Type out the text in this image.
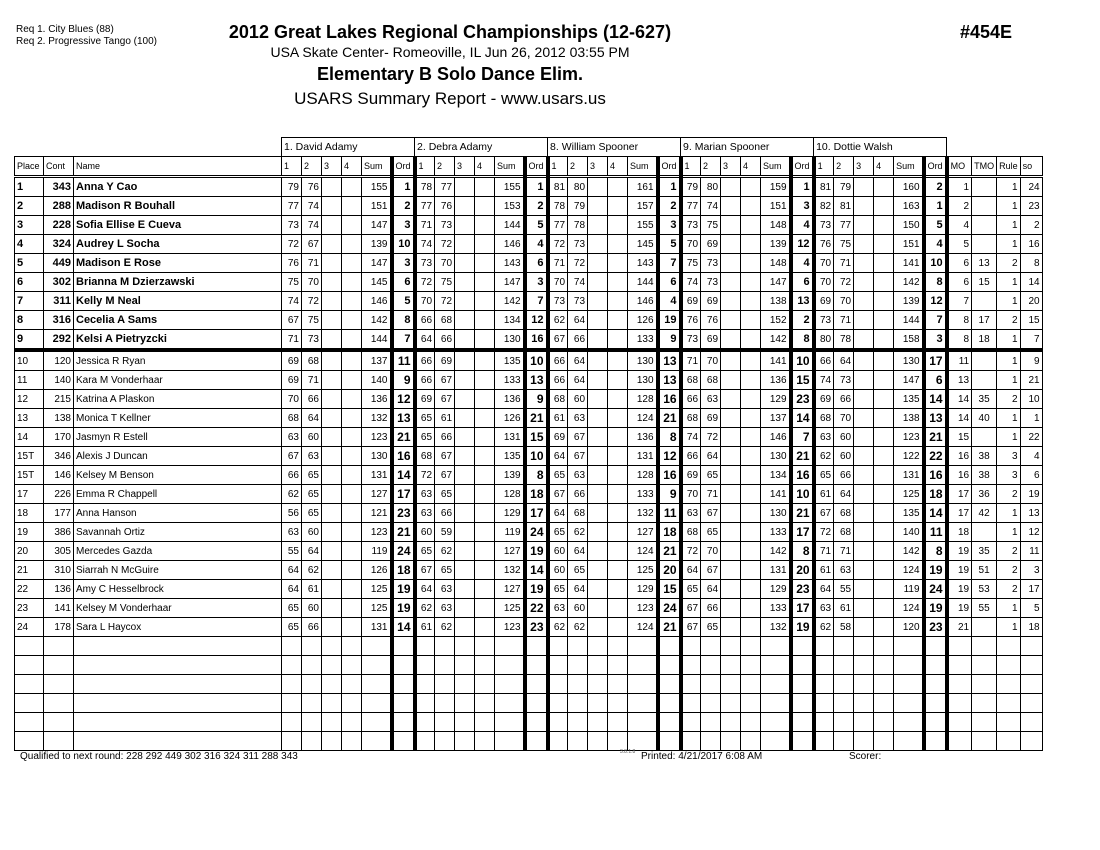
Req 1. City Blues (88)
Req 2. Progressive Tango (100)	2012 Great Lakes Regional Championships (12-627)
USA Skate Center- Romeoville, IL Jun 26, 2012 03:55 PM
Elementary B Solo Dance Elim.
USARS Summary Report - www.usars.us
#454E
			1. David Adamy						2. Debra Adamy						8. William Spooner						9. Marian Spooner						10. Dottie Walsh									
Place	Cont	Name	1	2	3	4	Sum	Ord	1	2	3	4	Sum	Ord	1	2	3	4	Sum	Ord	1	2	3	4	Sum	Ord	1	2	3	4	Sum	Ord	MO	TMO	Rule	so
1	343	Anna Y Cao	79	76			155	1	78	77			155	1	81	80			161	1	79	80			159	1	81	79			160	2	1		1	24
2	288	Madison R Bouhall	77	74			151	2	77	76			153	2	78	79			157	2	77	74			151	3	82	81			163	1	2		1	23
3	228	Sofia Ellise E Cueva	73	74			147	3	71	73			144	5	77	78			155	3	73	75			148	4	73	77			150	5	4		1	2
4	324	Audrey L Socha	72	67			139	10	74	72			146	4	72	73			145	5	70	69			139	12	76	75			151	4	5		1	16
5	449	Madison E Rose	76	71			147	3	73	70			143	6	71	72			143	7	75	73			148	4	70	71			141	10	6	13	2	8
6	302	Brianna M Dzierzawski	75	70			145	6	72	75			147	3	70	74			144	6	74	73			147	6	70	72			142	8	6	15	1	14
7	311	Kelly M Neal	74	72			146	5	70	72			142	7	73	73			146	4	69	69			138	13	69	70			139	12	7		1	20
8	316	Cecelia A Sams	67	75			142	8	66	68			134	12	62	64			126	19	76	76			152	2	73	71			144	7	8	17	2	15
9	292	Kelsi A Pietryzcki	71	73			144	7	64	66			130	16	67	66			133	9	73	69			142	8	80	78			158	3	8	18	1	7
10	120	Jessica R Ryan	69	68			137	11	66	69			135	10	66	64			130	13	71	70			141	10	66	64			130	17	11		1	9
11	140	Kara M Vonderhaar	69	71			140	9	66	67			133	13	66	64			130	13	68	68			136	15	74	73			147	6	13		1	21
12	215	Katrina A Plaskon	70	66			136	12	69	67			136	9	68	60			128	16	66	63			129	23	69	66			135	14	14	35	2	10
13	138	Monica T Kellner	68	64			132	13	65	61			126	21	61	63			124	21	68	69			137	14	68	70			138	13	14	40	1	1
14	170	Jasmyn R Estell	63	60			123	21	65	66			131	15	69	67			136	8	74	72			146	7	63	60			123	21	15		1	22
15T	346	Alexis J Duncan	67	63			130	16	68	67			135	10	64	67			131	12	66	64			130	21	62	60			122	22	16	38	3	4
15T	146	Kelsey M Benson	66	65			131	14	72	67			139	8	65	63			128	16	69	65			134	16	65	66			131	16	16	38	3	6
17	226	Emma R Chappell	62	65			127	17	63	65			128	18	67	66			133	9	70	71			141	10	61	64			125	18	17	36	2	19
18	177	Anna Hanson	56	65			121	23	63	66			129	17	64	68			132	11	63	67			130	21	67	68			135	14	17	42	1	13
19	386	Savannah Ortiz	63	60			123	21	60	59			119	24	65	62			127	18	68	65			133	17	72	68			140	11	18		1	12
20	305	Mercedes Gazda	55	64			119	24	65	62			127	19	60	64			124	21	72	70			142	8	71	71			142	8	19	35	2	11
21	310	Siarrah N McGuire	64	62			126	18	67	65			132	14	60	65			125	20	64	67			131	20	61	63			124	19	19	51	2	3
22	136	Amy C Hesselbrock	64	61			125	19	64	63			127	19	65	64			129	15	65	64			129	23	64	55			119	24	19	53	2	17
23	141	Kelsey M Vonderhaar	65	60			125	19	62	63			125	22	63	60			123	24	67	66			133	17	63	61			124	19	19	55	1	5
24	178	Sara L Haycox	65	66			131	14	61	62			123	23	62	62			124	21	67	65			132	19	62	58			120	23	21		1	18

Qualified to next round: 228 292 449 302 316 324 311 288 343	3.8.1.8 Printed: 4/21/2017 6:08 AM	Scorer:
